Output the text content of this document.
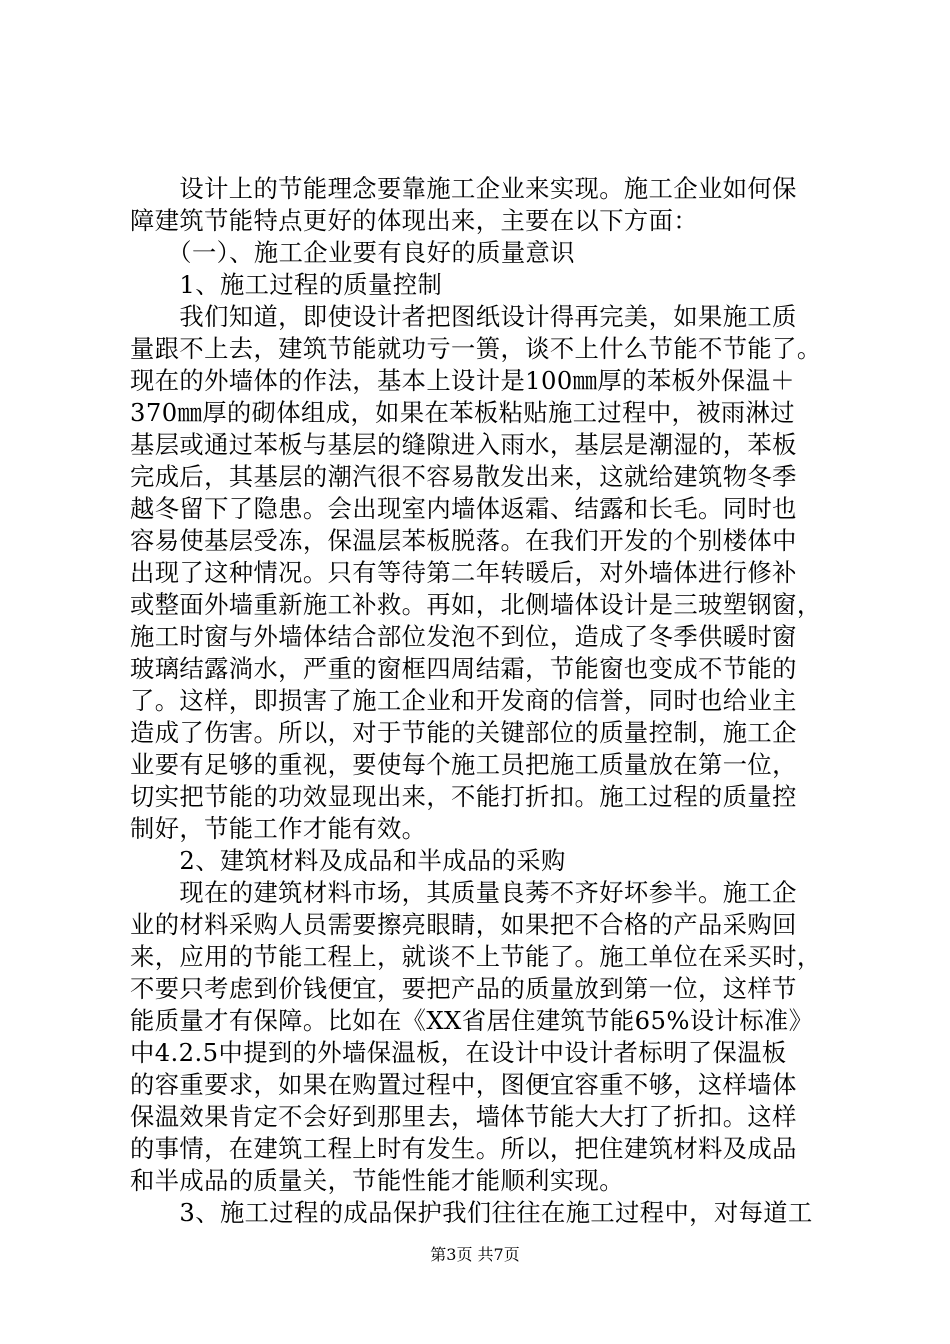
　　设计上的节能理念要靠施工企业来实现。施工企业如何保
障建筑节能特点更好的体现出来，主要在以下方面：
　　（一）、施工企业要有良好的质量意识
　　1、施工过程的质量控制
　　我们知道，即使设计者把图纸设计得再完美，如果施工质
量跟不上去，建筑节能就功亏一篑，谈不上什么节能不节能了。
现在的外墙体的作法，基本上设计是100㎜厚的苯板外保温＋
370㎜厚的砌体组成，如果在苯板粘贴施工过程中，被雨淋过
基层或通过苯板与基层的缝隙进入雨水，基层是潮湿的，苯板
完成后，其基层的潮汽很不容易散发出来，这就给建筑物冬季
越冬留下了隐患。会出现室内墙体返霜、结露和长毛。同时也
容易使基层受冻，保温层苯板脱落。在我们开发的个别楼体中
出现了这种情况。只有等待第二年转暖后，对外墙体进行修补
或整面外墙重新施工补救。再如，北侧墙体设计是三玻塑钢窗，
施工时窗与外墙体结合部位发泡不到位，造成了冬季供暖时窗
玻璃结露淌水，严重的窗框四周结霜，节能窗也变成不节能的
了。这样，即损害了施工企业和开发商的信誉，同时也给业主
造成了伤害。所以，对于节能的关键部位的质量控制，施工企
业要有足够的重视，要使每个施工员把施工质量放在第一位，
切实把节能的功效显现出来，不能打折扣。施工过程的质量控
制好，节能工作才能有效。
　　2、建筑材料及成品和半成品的采购
　　现在的建筑材料市场，其质量良莠不齐好坏参半。施工企
业的材料采购人员需要擦亮眼睛，如果把不合格的产品采购回
来，应用的节能工程上，就谈不上节能了。施工单位在采买时，
不要只考虑到价钱便宜，要把产品的质量放到第一位，这样节
能质量才有保障。比如在《XX省居住建筑节能65%设计标准》
中4.2.5中提到的外墙保温板，在设计中设计者标明了保温板
的容重要求，如果在购置过程中，图便宜容重不够，这样墙体
保温效果肯定不会好到那里去，墙体节能大大打了折扣。这样
的事情，在建筑工程上时有发生。所以，把住建筑材料及成品
和半成品的质量关，节能性能才能顺利实现。
　　3、施工过程的成品保护我们往往在施工过程中，对每道工
第3页 共7页
